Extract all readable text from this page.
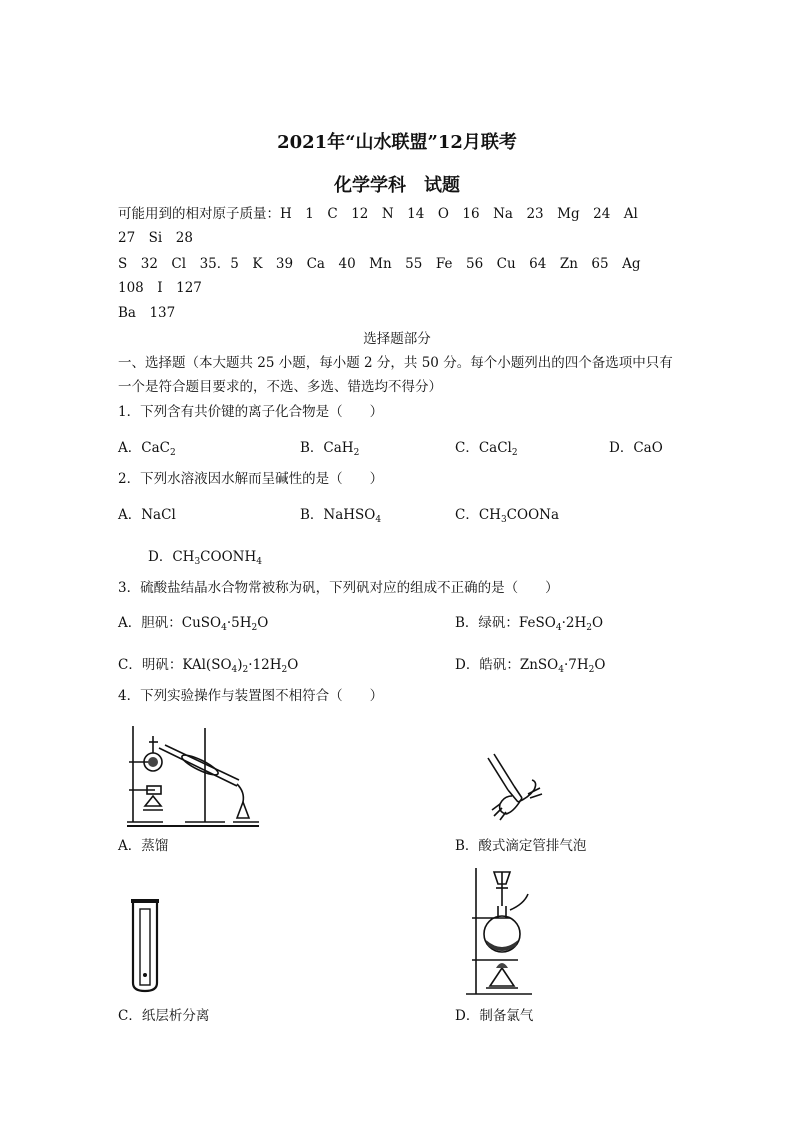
2021年“山水联盟”12月联考
化学学科　试题
可能用到的相对原子质量：H　1　C　12　N　14　O　16　Na　23　Mg　24　Al
27　Si　28
S　32　Cl　35．5　K　39　Ca　40　Mn　55　Fe　56　Cu　64　Zn　65　Ag
108　I　127
Ba　137
选择题部分
一、选择题（本大题共 25 小题，每小题 2 分，共 50 分。每个小题列出的四个备选项中只有
一个是符合题目要求的，不选、多选、错选均不得分）
1．下列含有共价键的离子化合物是（　　）
A．CaC$_2$	B．CaH$_2$	C．CaCl$_2$	D．CaO
2．下列水溶液因水解而呈碱性的是（　　）
A．NaCl	B．NaHSO$_4$	C．$CH_3COONa$
D．$CH_3COONH_4$
3．硫酸盐结晶水合物常被称为矾，下列矾对应的组成不正确的是（　　）
A．胆矾：$CuSO_4\cdot 5H_2O$	B．绿矾：$FeSO_4\cdot 2H_2O$
C．明矾：$KAl(SO_4)_2\cdot 12H_2O$	D．皓矾：$ZnSO_4\cdot 7H_2O$
4．下列实验操作与装置图不相符合（　　）
A．蒸馏	B．酸式滴定管排气泡
C．纸层析分离	D．制备氯气
